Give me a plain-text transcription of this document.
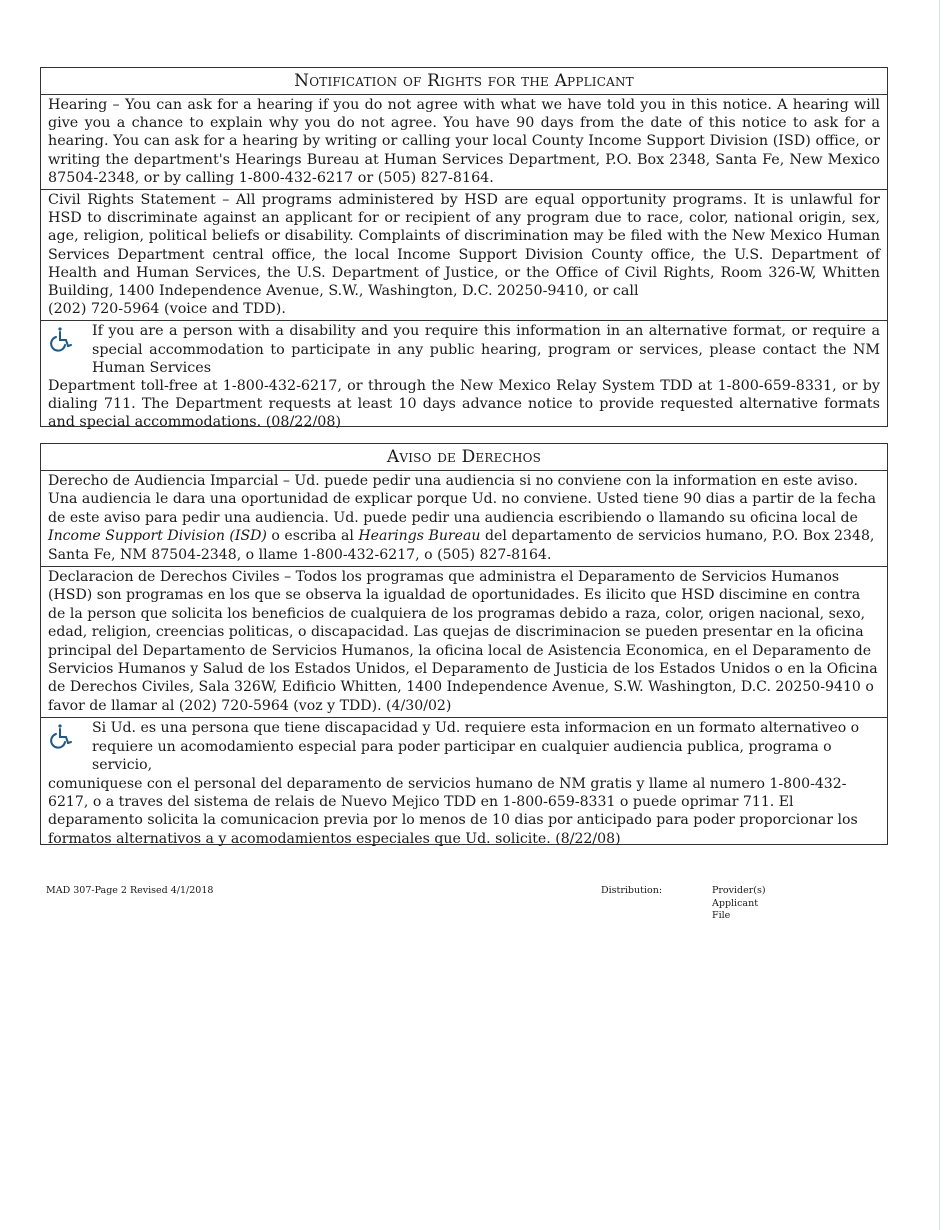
Notification of Rights for the Applicant
Hearing – You can ask for a hearing if you do not agree with what we have told you in this notice. A hearing will give you a chance to explain why you do not agree. You have 90 days from the date of this notice to ask for a hearing. You can ask for a hearing by writing or calling your local County Income Support Division (ISD) office, or writing the department's Hearings Bureau at Human Services Department, P.O. Box 2348, Santa Fe, New Mexico 87504-2348, or by calling 1-800-432-6217 or (505) 827-8164.
Civil Rights Statement – All programs administered by HSD are equal opportunity programs. It is unlawful for HSD to discriminate against an applicant for or recipient of any program due to race, color, national origin, sex, age, religion, political beliefs or disability. Complaints of discrimination may be filed with the New Mexico Human Services Department central office, the local Income Support Division County office, the U.S. Department of Health and Human Services, the U.S. Department of Justice, or the Office of Civil Rights, Room 326-W, Whitten Building, 1400 Independence Avenue, S.W., Washington, D.C. 20250-9410, or call
(202) 720-5964 (voice and TDD).
If you are a person with a disability and you require this information in an alternative format, or require a special accommodation to participate in any public hearing, program or services, please contact the NM Human Services
Department toll-free at 1-800-432-6217, or through the New Mexico Relay System TDD at 1-800-659-8331, or by dialing 711. The Department requests at least 10 days advance notice to provide requested alternative formats and special accommodations. (08/22/08)
Aviso de Derechos
Derecho de Audiencia Imparcial – Ud. puede pedir una audiencia si no conviene con la information en este aviso. Una audiencia le dara una oportunidad de explicar porque Ud. no conviene. Usted tiene 90 dias a partir de la fecha de este aviso para pedir una audiencia. Ud. puede pedir una audiencia escribiendo o llamando su oficina local de Income Support Division (ISD) o escriba al Hearings Bureau del departamento de servicios humano, P.O. Box 2348, Santa Fe, NM 87504-2348, o llame 1-800-432-6217, o (505) 827-8164.
Declaracion de Derechos Civiles – Todos los programas que administra el Deparamento de Servicios Humanos (HSD) son programas en los que se observa la igualdad de oportunidades. Es ilicito que HSD discimine en contra de la person que solicita los beneficios de cualquiera de los programas debido a raza, color, origen nacional, sexo, edad, religion, creencias politicas, o discapacidad. Las quejas de discriminacion se pueden presentar en la oficina principal del Departamento de Servicios Humanos, la oficina local de Asistencia Economica, en el Deparamento de Servicios Humanos y Salud de los Estados Unidos, el Deparamento de Justicia de los Estados Unidos o en la Oficina de Derechos Civiles, Sala 326W, Edificio Whitten, 1400 Independence Avenue, S.W. Washington, D.C. 20250-9410 o favor de llamar al (202) 720-5964 (voz y TDD). (4/30/02)
Si Ud. es una persona que tiene discapacidad y Ud. requiere esta informacion en un formato alternativeo o requiere un acomodamiento especial para poder participar en cualquier audiencia publica, programa o servicio,
comuniquese con el personal del deparamento de servicios humano de NM gratis y llame al numero 1-800-432-6217, o a traves del sistema de relais de Nuevo Mejico TDD en 1-800-659-8331 o puede oprimar 711. El deparamento solicita la comunicacion previa por lo menos de 10 dias por anticipado para poder proporcionar los formatos alternativos a y acomodamientos especiales que Ud. solicite. (8/22/08)
MAD 307-Page 2 Revised 4/1/2018	Distribution:	Provider(s)
Applicant
File
